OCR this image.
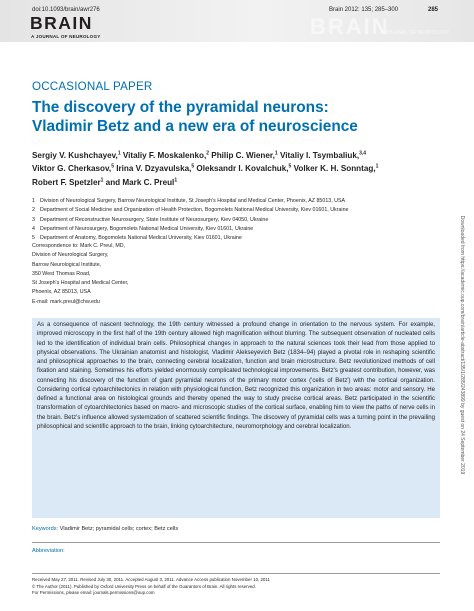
doi:10.1093/brain/awr276	Brain 2012: 135; 285–300	285
BRAIN
A JOURNAL OF NEUROLOGY	BRAIN
A JOURNAL OF NEUROLOGY
OCCASIONAL PAPER
The discovery of the pyramidal neurons:
Vladimir Betz and a new era of neuroscience
Sergiy V. Kushchayev,$^1$ Vitaliy F. Moskalenko,$^2$ Philip C. Wiener,$^1$ Vitaliy I. Tsymbaliuk,$^{3,4}$
Viktor G. Cherkasov,$^5$ Irina V. Dzyavulska,$^5$ Oleksandr I. Kovalchuk,$^5$ Volker K. H. Sonntag,$^1$
Robert F. Spetzler$^1$ and Mark C. Preul$^1$
1 Division of Neurological Surgery, Barrow Neurological Institute, St Joseph's Hospital and Medical Center, Phoenix, AZ 85013, USA
2 Department of Social Medicine and Organization of Health Protection, Bogomolets National Medical University, Kiev 01601, Ukraine
3 Department of Reconstructive Neurosurgery, State Institute of Neurosurgery, Kiev 04050, Ukraine
4 Department of Neurosurgery, Bogomolets National Medical University, Kiev 01601, Ukraine
5 Department of Anatomy, Bogomolets National Medical University, Kiev 01601, Ukraine
Correspondence to: Mark C. Preul, MD,
Division of Neurological Surgery,
Barrow Neurological Institute,
350 West Thomas Road,
St Joseph's Hospital and Medical Center,
Phoenix, AZ 85013, USA
E-mail: mark.preul@chw.edu
As a consequence of nascent technology, the 19th century witnessed a profound change in orientation to the nervous system. For example, improved microscopy in the first half of the 19th century allowed high magnification without blurring. The subsequent observation of nucleated cells led to the identification of individual brain cells. Philosophical changes in approach to the natural sciences took their lead from those applied to physical observations. The Ukrainian anatomist and histologist, Vladimir Alekseyevich Betz (1834–94) played a pivotal role in reshaping scientific and philosophical approaches to the brain, connecting cerebral localization, function and brain microstructure. Betz revolutionized methods of cell fixation and staining. Sometimes his efforts yielded enormously complicated technological improvements. Betz's greatest contribution, however, was connecting his discovery of the function of giant pyramidal neurons of the primary motor cortex ('cells of Betz') with the cortical organization. Considering cortical cytoarchitectonics in relation with physiological function, Betz recognized this organization in two areas: motor and sensory. He defined a functional area on histological grounds and thereby opened the way to study precise cortical areas. Betz participated in the scientific transformation of cytoarchitectonics based on macro- and microscopic studies of the cortical surface, enabling him to view the paths of nerve cells in the brain. Betz's influence allowed systemization of scattered scientific findings. The discovery of pyramidal cells was a turning point in the prevailing philosophical and scientific approach to the brain, linking cytoarchitecture, neuromorphology and cerebral localization.
Keywords: Vladimir Betz; pyramidal cells; cortex; Betz cells
Abbreviation:
Received May 27, 2011. Revised July 30, 2011. Accepted August 3, 2011. Advance Access publication November 10, 2011
© The Author (2011). Published by Oxford University Press on behalf of the Guarantors of Brain. All rights reserved.
For Permissions, please email: journals.permissions@oup.com
Downloaded from https://academic.oup.com/brain/article-abstract/135/1/285/243899 by guest on 24 September 2019
